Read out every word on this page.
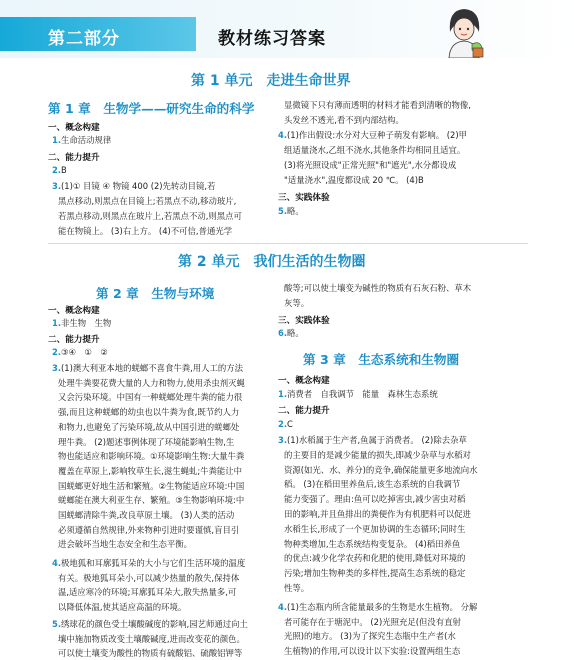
第二部分	教材练习答案
第 1 单元　走进生命世界
第 1 章　生物学——研究生命的科学
一、概念构建
1.生命活动规律
二、能力提升
2.B
3.(1)① 目镜 ④ 物镜 400 (2)先转动目镜,若
黑点移动,则黑点在目镜上;若黑点不动,移动玻片,
若黑点移动,则黑点在玻片上,若黑点不动,则黑点可
能在物镜上。 (3)右上方。 (4)不可信,普通光学
显微镜下只有薄而透明的材料才能看到清晰的物像,
头发丝不透光,看不到内部结构。
4.(1)作出假设:水分对大豆种子萌发有影响。 (2)甲
组适量浇水,乙组不浇水,其他条件均相同且适宜。
(3)将光照设成"正常光照"和"遮光",水分都设成
"适量浇水",温度都设成 20 ℃。 (4)B
三、实践体验
5.略。
第 2 单元　我们生活的生物圈
第 2 章　生物与环境
一、概念构建
1.非生物　生物
二、能力提升
2.③④　①　②
3.(1)澳大利亚本地的蜣螂不喜食牛粪,用人工的方法
处理牛粪要花费大量的人力和物力,使用杀虫剂灭蝇
又会污染环境。中国有一种蜣螂处理牛粪的能力很
强,而且这种蜣螂的幼虫也以牛粪为食,既节约人力
和物力,也避免了污染环境,故从中国引进的蜣螂处
理牛粪。 (2)题述事例体现了环境能影响生物,生
物也能适应和影响环境。①环境影响生物:大量牛粪
覆盖在草原上,影响牧草生长,滋生蝇虬;牛粪能让中
国蜣螂更好地生活和繁殖。②生物能适应环境:中国
蜣螂能在澳大利亚生存、繁殖。③生物影响环境:中
国蜣螂清除牛粪,改良草原土壤。 (3)人类的活动
必须遵循自然规律,外来物种引进时要谨慎,盲目引
进会破坏当地生态安全和生态平衡。
4.极地狐和耳廓狐耳朵的大小与它们生活环境的温度
有关。极地狐耳朵小,可以减少热量的散失,保持体
温,适应寒冷的环境;耳廓狐耳朵大,散失热量多,可
以降低体温,使其适应高温的环境。
5.绣球花的颜色受土壤酸碱度的影响,园艺师通过向土
壤中施加物质改变土壤酸碱度,进而改变花的颜色。
可以使土壤变为酸性的物质有硫酸铝、硫酸铝钾等
酸等;可以使土壤变为碱性的物质有石灰石粉、草木
灰等。
三、实践体验
6.略。
第 3 章　生态系统和生物圈
一、概念构建
1.消费者　自我调节　能量　森林生态系统
二、能力提升
2.C
3.(1)水稻属于生产者,鱼属于消费者。 (2)除去杂草
的主要目的是减少能量的损失,即减少杂草与水稻对
资源(如光、水、养分)的竞争,确保能量更多地流向水
稻。 (3)在稻田里养鱼后,该生态系统的自我调节
能力变强了。理由:鱼可以吃掉害虫,减少害虫对稻
田的影响,并且鱼排出的粪便作为有机肥料可以促进
水稻生长,形成了一个更加协调的生态循环;同时生
物种类增加,生态系统结构变复杂。 (4)稻田养鱼
的优点:减少化学农药和化肥的使用,降低对环境的
污染;增加生物种类的多样性,提高生态系统的稳定
性等。
4.(1)生态瓶内所含能量最多的生物是水生植物。 分解
者可能存在于塘泥中。 (2)光照充足(但没有直射
光照)的地方。 (3)为了探究生态瓶中生产者(水
生植物)的作用,可以设计以下实验:设置两组生态
